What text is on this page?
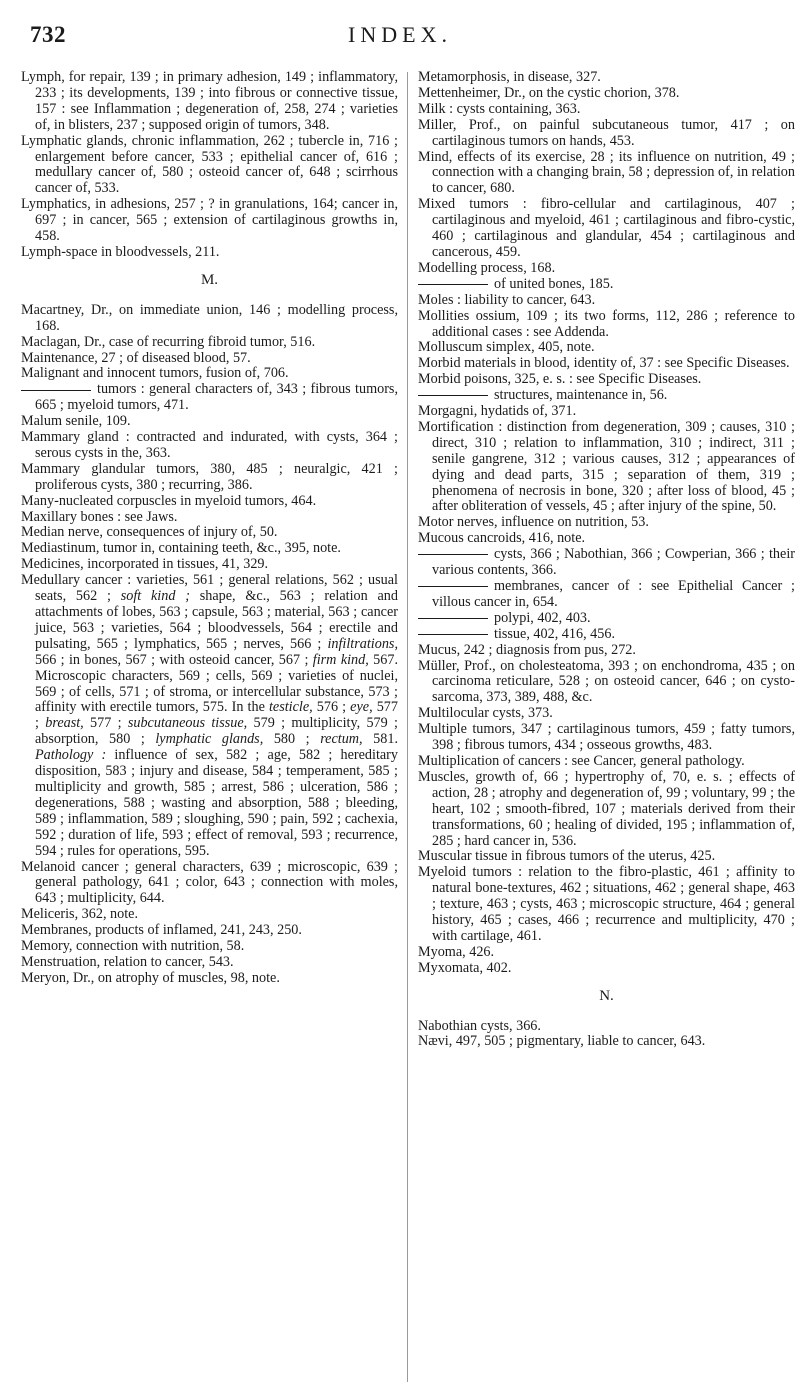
732	INDEX.

Lymph, for repair, 139 ; in primary adhesion, 149 ; inflammatory, 233 ; its developments, 139 ; into fibrous or connective tissue, 157 : see Inflammation ; degeneration of, 258, 274 ; varieties of, in blisters, 237 ; supposed origin of tumors, 348.

Lymphatic glands, chronic inflammation, 262 ; tubercle in, 716 ; enlargement before cancer, 533 ; epithelial cancer of, 616 ; medullary cancer of, 580 ; osteoid cancer of, 648 ; scirrhous cancer of, 533.

Lymphatics, in adhesions, 257 ; ? in granulations, 164; cancer in, 697 ; in cancer, 565 ; extension of cartilaginous growths in, 458.

Lymph-space in bloodvessels, 211.

M.

Macartney, Dr., on immediate union, 146 ; modelling process, 168.

Maclagan, Dr., case of recurring fibroid tumor, 516.

Maintenance, 27 ; of diseased blood, 57.

Malignant and innocent tumors, fusion of, 706.

tumors : general characters of, 343 ; fibrous tumors, 665 ; myeloid tumors, 471.

Malum senile, 109.

Mammary gland : contracted and indurated, with cysts, 364 ; serous cysts in the, 363.

Mammary glandular tumors, 380, 485 ; neuralgic, 421 ; proliferous cysts, 380 ; recurring, 386.

Many-nucleated corpuscles in myeloid tumors, 464.

Maxillary bones : see Jaws.

Median nerve, consequences of injury of, 50.

Mediastinum, tumor in, containing teeth, &c., 395, note.

Medicines, incorporated in tissues, 41, 329.

Medullary cancer : varieties, 561 ; general relations, 562 ; usual seats, 562 ; soft kind ; shape, &c., 563 ; relation and attachments of lobes, 563 ; capsule, 563 ; material, 563 ; cancer juice, 563 ; varieties, 564 ; bloodvessels, 564 ; erectile and pulsating, 565 ; lymphatics, 565 ; nerves, 566 ; infiltrations, 566 ; in bones, 567 ; with osteoid cancer, 567 ; firm kind, 567. Microscopic characters, 569 ; cells, 569 ; varieties of nuclei, 569 ; of cells, 571 ; of stroma, or intercellular substance, 573 ; affinity with erectile tumors, 575. In the testicle, 576 ; eye, 577 ; breast, 577 ; subcutaneous tissue, 579 ; multiplicity, 579 ; absorption, 580 ; lymphatic glands, 580 ; rectum, 581. Pathology : influence of sex, 582 ; age, 582 ; hereditary disposition, 583 ; injury and disease, 584 ; temperament, 585 ; multiplicity and growth, 585 ; arrest, 586 ; ulceration, 586 ; degenerations, 588 ; wasting and absorption, 588 ; bleeding, 589 ; inflammation, 589 ; sloughing, 590 ; pain, 592 ; cachexia, 592 ; duration of life, 593 ; effect of removal, 593 ; recurrence, 594 ; rules for operations, 595.

Melanoid cancer ; general characters, 639 ; microscopic, 639 ; general pathology, 641 ; color, 643 ; connection with moles, 643 ; multiplicity, 644.

Meliceris, 362, note.

Membranes, products of inflamed, 241, 243, 250.

Memory, connection with nutrition, 58.

Menstruation, relation to cancer, 543.

Meryon, Dr., on atrophy of muscles, 98, note.

Metamorphosis, in disease, 327.

Mettenheimer, Dr., on the cystic chorion, 378.

Milk : cysts containing, 363.

Miller, Prof., on painful subcutaneous tumor, 417 ; on cartilaginous tumors on hands, 453.

Mind, effects of its exercise, 28 ; its influence on nutrition, 49 ; connection with a changing brain, 58 ; depression of, in relation to cancer, 680.

Mixed tumors : fibro-cellular and cartilaginous, 407 ; cartilaginous and myeloid, 461 ; cartilaginous and fibro-cystic, 460 ; cartilaginous and glandular, 454 ; cartilaginous and cancerous, 459.

Modelling process, 168.

of united bones, 185.

Moles : liability to cancer, 643.

Mollities ossium, 109 ; its two forms, 112, 286 ; reference to additional cases : see Addenda.

Molluscum simplex, 405, note.

Morbid materials in blood, identity of, 37 : see Specific Diseases.

Morbid poisons, 325, e. s. : see Specific Diseases.

structures, maintenance in, 56.

Morgagni, hydatids of, 371.

Mortification : distinction from degeneration, 309 ; causes, 310 ; direct, 310 ; relation to inflammation, 310 ; indirect, 311 ; senile gangrene, 312 ; various causes, 312 ; appearances of dying and dead parts, 315 ; separation of them, 319 ; phenomena of necrosis in bone, 320 ; after loss of blood, 45 ; after obliteration of vessels, 45 ; after injury of the spine, 50.

Motor nerves, influence on nutrition, 53.

Mucous cancroids, 416, note.

cysts, 366 ; Nabothian, 366 ; Cowperian, 366 ; their various contents, 366.

membranes, cancer of : see Epithelial Cancer ; villous cancer in, 654.

polypi, 402, 403.

tissue, 402, 416, 456.

Mucus, 242 ; diagnosis from pus, 272.

Müller, Prof., on cholesteatoma, 393 ; on enchondroma, 435 ; on carcinoma reticulare, 528 ; on osteoid cancer, 646 ; on cysto-sarcoma, 373, 389, 488, &c.

Multilocular cysts, 373.

Multiple tumors, 347 ; cartilaginous tumors, 459 ; fatty tumors, 398 ; fibrous tumors, 434 ; osseous growths, 483.

Multiplication of cancers : see Cancer, general pathology.

Muscles, growth of, 66 ; hypertrophy of, 70, e. s. ; effects of action, 28 ; atrophy and degeneration of, 99 ; voluntary, 99 ; the heart, 102 ; smooth-fibred, 107 ; materials derived from their transformations, 60 ; healing of divided, 195 ; inflammation of, 285 ; hard cancer in, 536.

Muscular tissue in fibrous tumors of the uterus, 425.

Myeloid tumors : relation to the fibro-plastic, 461 ; affinity to natural bone-textures, 462 ; situations, 462 ; general shape, 463 ; texture, 463 ; cysts, 463 ; microscopic structure, 464 ; general history, 465 ; cases, 466 ; recurrence and multiplicity, 470 ; with cartilage, 461.

Myoma, 426.

Myxomata, 402.

N.

Nabothian cysts, 366.

Nævi, 497, 505 ; pigmentary, liable to cancer, 643.
